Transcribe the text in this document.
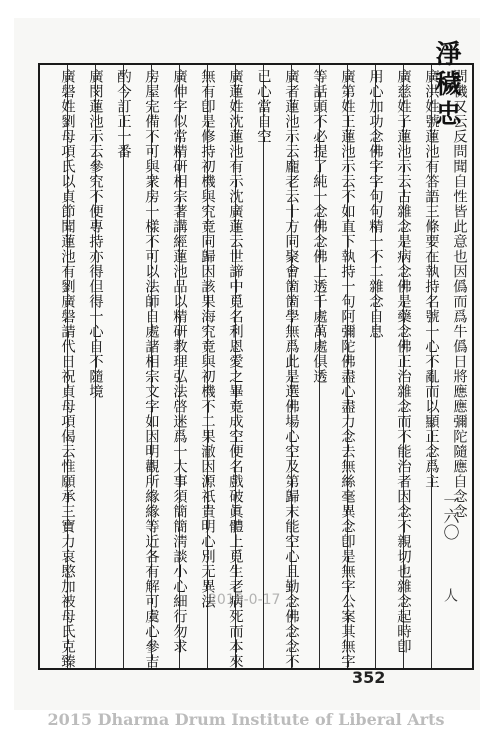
問機又云反問聞自性皆此意也因僞而爲牛僞日將應應彌陀隨應自念念
廣洪姓號蓮池有答語三條要在執持名號一心不亂而以顯正念爲主
廣慈姓子蓮池示云古雜念是病念佛是藥念佛正治雜念而不能治者因念不親切也雜念起時卽
用心加功念佛字字句句精一不二雜念自息
廣第姓王蓮池示云不如直下執持一句阿彌陀佛盡心盡力念去無絲毫異念卽是無字公案其無字
等話頭不必提了純一念佛念佛上透千處萬處俱透
廣者蓮池示云龐老云十方同聚會箇箇學無爲此是選佛場心空及第歸末能空心且勤念佛念念不
已心當自空
廣蓮姓沈蓮池有示沈廣蓮云世諦中覓名利恩愛之畢竟成空便名戲破眞體上覓生老病死而本來
無有卽是修持初機與究竟同歸因該果海究竟與初機不二果澈因源祇貴明心別无異法
廣伸字似常精研相宗著講經蓮池品以精研教理弘法啓迷爲一大事須簡簡淸談小心細行勿求
房屋完備不可與衆房一樣不可以法師自處諸相宗文字如因明觀所緣緣等近各有解可虞心參吉
酌今訂正一番
廣閔蓮池示云參究不便專持亦得但得一心自不隨境
廣磐姓劉母項氏以貞節聞蓮池有劉廣磐請代日祝貞母項偈云惟願承三寶力哀愍加被母氏克臻	淨穢忠
一六〇
人
2015-0-17
352
2015 Dharma Drum Institute of Liberal Arts
